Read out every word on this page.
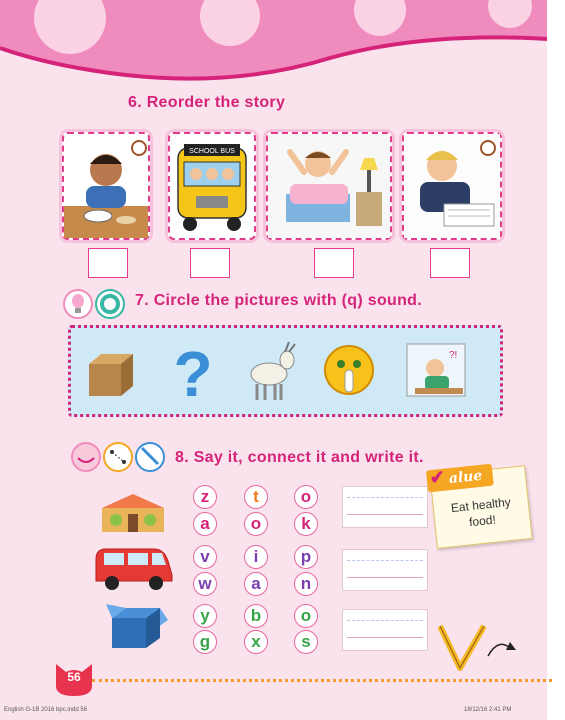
6. Reorder the story
SCHOOL BUS
7. Circle the pictures with (q) sound.
?	?!
8. Say it, connect it and write it.
z	t	o
a	o	k
v	i	p
w	a	n
y	b	o
g	x	s
✔ alue
Eat healthy food!
56
English G-1B 2016 bpc.indd 56	18/12/16 2:41 PM
